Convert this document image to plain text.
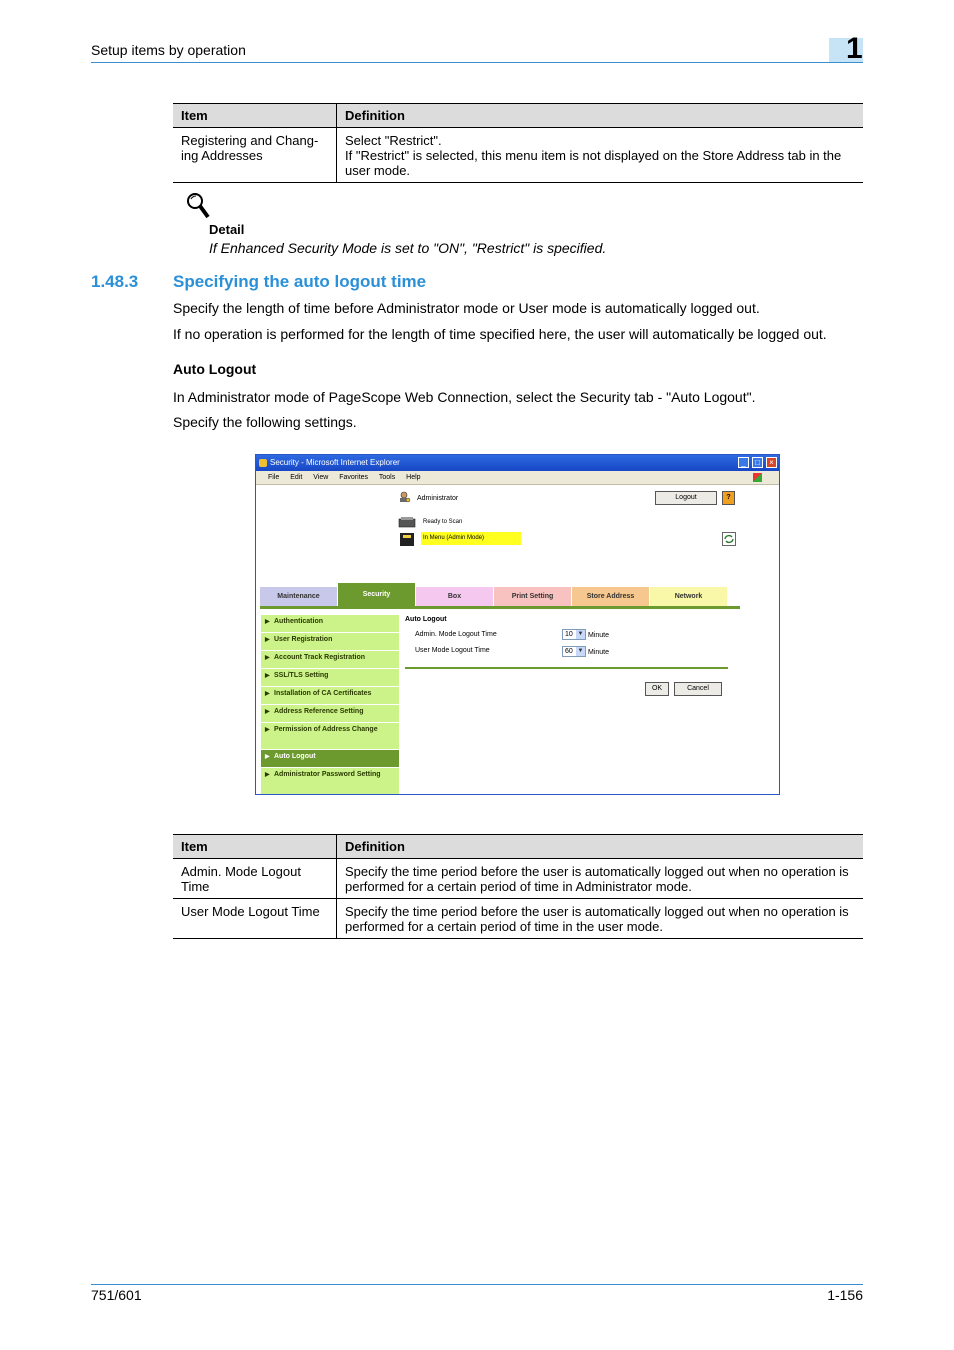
Setup items by operation	1
Item	Definition
Registering and Chang-ing Addresses	Select "Restrict".
If "Restrict" is selected, this menu item is not displayed on the Store Address tab in the user mode.
Detail
If Enhanced Security Mode is set to "ON", "Restrict" is specified.
1.48.3 Specifying the auto logout time
Specify the length of time before Administrator mode or User mode is automatically logged out.
If no operation is performed for the length of time specified here, the user will automatically be logged out.
Auto Logout
In Administrator mode of PageScope Web Connection, select the Security tab - "Auto Logout".
Specify the following settings.
Security - Microsoft Internet Explorer	_	□	×
File Edit View Favorites Tools Help
Administrator	Logout	?
Ready to Scan
In Menu (Admin Mode)
Maintenance	Security	Box	Print Setting	Store Address	Network
▶ Authentication
▶ User Registration
▶ Account Track Registration
▶ SSL/TLS Setting
▶ Installation of CA Certificates
▶ Address Reference Setting
▶ Permission of Address Change
▶ Auto Logout
▶ Administrator Password Setting
Auto Logout
Admin. Mode Logout Time	10 ▼ Minute
User Mode Logout Time	60 ▼ Minute
OK	Cancel
Item	Definition
Admin. Mode Logout Time	Specify the time period before the user is automatically logged out when no operation is performed for a certain period of time in Administrator mode.
User Mode Logout Time	Specify the time period before the user is automatically logged out when no operation is performed for a certain period of time in the user mode.
751/601	1-156
